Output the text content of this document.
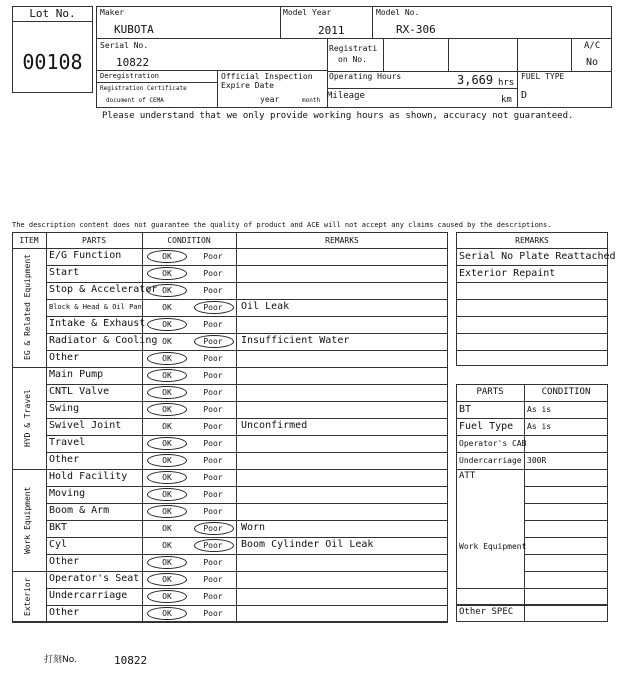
Lot No.
00108
Maker
KUBOTA
Model Year
2011
Model No.
RX-306
Serial No.
10822
Registrati
on No.
A/C
No
Deregistration
Registration Certificate
document of CEMA
Official Inspection
Expire Date
year	month
Operating Hours	3,669 hrs
Mileage	km
FUEL TYPE
D
Please understand that we only provide working hours as shown, accuracy not guaranteed.
The description content does not guarantee the quality of product and ACE will not accept any claims caused by the descriptions.
ITEM	PARTS	CONDITION	REMARKS
E/G Function	OK	Poor
Start	OK	Poor
Stop & Accelerator OK	Poor
Block & Head & Oil Pan	OK	Poor	Oil Leak
Intake & Exhaust	OK	Poor
Radiator & Cooling OK	Poor	Insufficient Water
Other	OK	Poor
EG & Related Equipment
Main Pump	OK	Poor
CNTL Valve	OK	Poor
Swing	OK	Poor
Swivel Joint	OK	Poor	Unconfirmed
Travel	OK	Poor
Other	OK	Poor
HYD & Travel
Hold Facility	OK	Poor
Moving	OK	Poor
Boom & Arm	OK	Poor
BKT	OK	Poor	Worn
Cyl	OK	Poor	Boom Cylinder Oil Leak
Other	OK	Poor
Work Equipment
Operator's Seat	OK	Poor
Undercarriage	OK	Poor
Other	OK	Poor
Exterior
REMARKS
Serial No Plate Reattached
Exterior Repaint
PARTS	CONDITION
BT	As is
Fuel Type As is
Operator's CAB
Undercarriage 300R
ATT
Work Equipment
Other SPEC
打刻No.	10822
